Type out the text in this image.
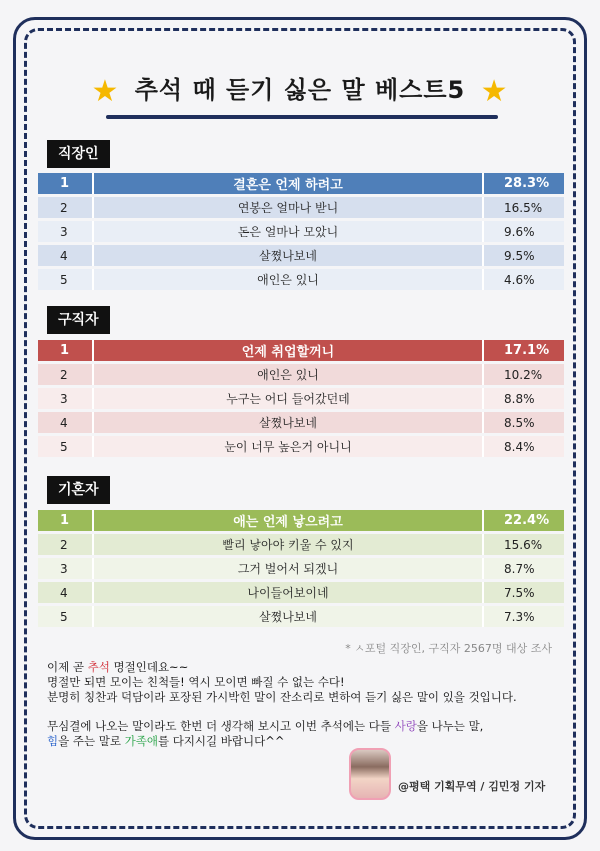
★ 추석 때 듣기 싫은 말 베스트5 ★
직장인
1	결혼은 언제 하려고	28.3%
2	연봉은 얼마나 받니	16.5%
3	돈은 얼마나 모았니	9.6%
4	살쪘나보네	9.5%
5	애인은 있니	4.6%
구직자
1	언제 취업할꺼니	17.1%
2	애인은 있니	10.2%
3	누구는 어디 들어갔던데	8.8%
4	살쪘나보네	8.5%
5	눈이 너무 높은거 아니니	8.4%
기혼자
1	애는 언제 낳으려고	22.4%
2	빨리 낳아야 키울 수 있지	15.6%
3	그거 벌어서 되겠니	8.7%
4	나이들어보이네	7.5%
5	살쪘나보네	7.3%
* ㅅ포털 직장인, 구직자 2567명 대상 조사

이제 곧 추석 명절인데요~~

명절만 되면 모이는 친척들! 역시 모이면 빠질 수 없는 수다!

분명히 칭찬과 덕담이라 포장된 가시박힌 말이 잔소리로 변하여 듣기 싫은 말이 있을 것입니다.

무심결에 나오는 말이라도 한번 더 생각해 보시고 이번 추석에는 다들 사랑을 나누는 말,

힘을 주는 말로 가족애를 다지시길 바랍니다^^

@평택 기획무역 / 김민정 기자
